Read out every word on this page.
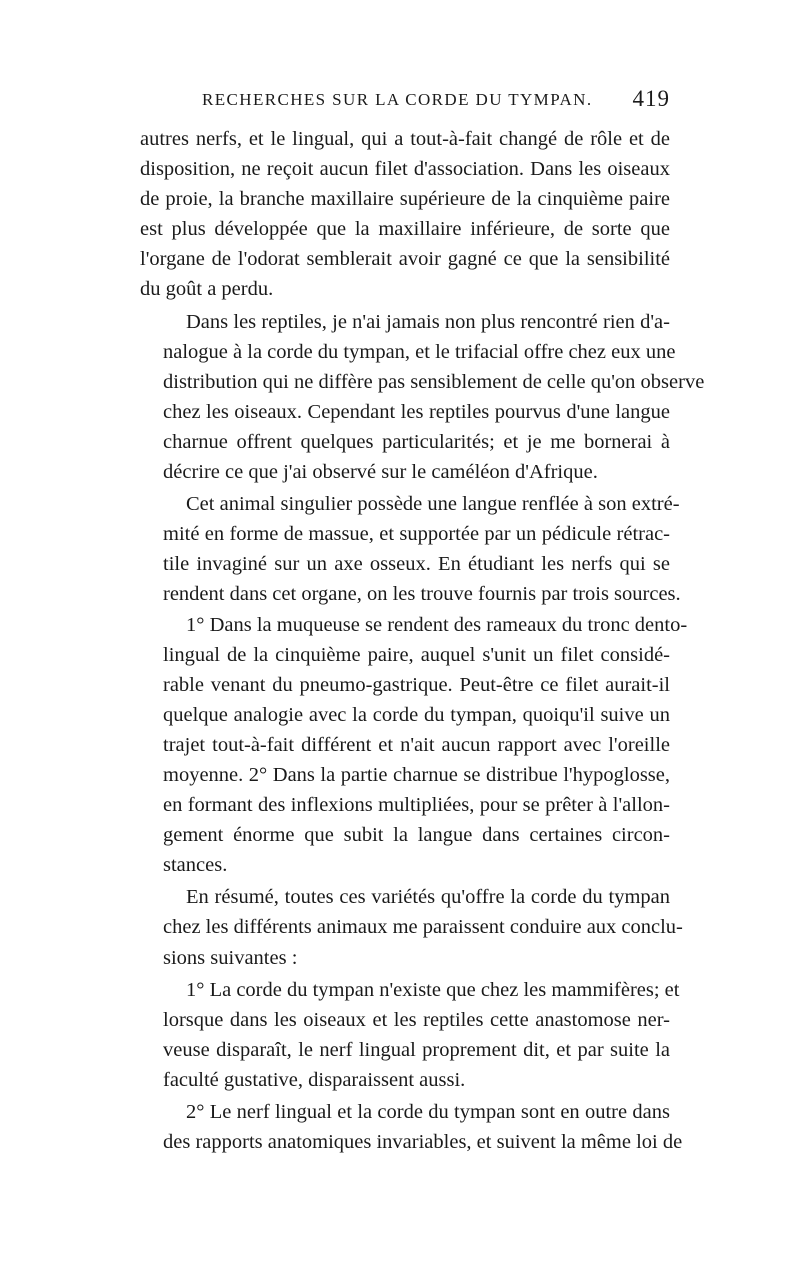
RECHERCHES SUR LA CORDE DU TYMPAN. 419
autres nerfs, et le lingual, qui a tout-à-fait changé de rôle et de
disposition, ne reçoit aucun filet d'association. Dans les oiseaux
de proie, la branche maxillaire supérieure de la cinquième paire
est plus développée que la maxillaire inférieure, de sorte que
l'organe de l'odorat semblerait avoir gagné ce que la sensibilité
du goût a perdu.
Dans les reptiles, je n'ai jamais non plus rencontré rien d'a-
nalogue à la corde du tympan, et le trifacial offre chez eux une
distribution qui ne diffère pas sensiblement de celle qu'on observe
chez les oiseaux. Cependant les reptiles pourvus d'une langue
charnue offrent quelques particularités; et je me bornerai à
décrire ce que j'ai observé sur le caméléon d'Afrique.
Cet animal singulier possède une langue renflée à son extré-
mité en forme de massue, et supportée par un pédicule rétrac-
tile invaginé sur un axe osseux. En étudiant les nerfs qui se
rendent dans cet organe, on les trouve fournis par trois sources.
1° Dans la muqueuse se rendent des rameaux du tronc dento-
lingual de la cinquième paire, auquel s'unit un filet considé-
rable venant du pneumo-gastrique. Peut-être ce filet aurait-il
quelque analogie avec la corde du tympan, quoiqu'il suive un
trajet tout-à-fait différent et n'ait aucun rapport avec l'oreille
moyenne. 2° Dans la partie charnue se distribue l'hypoglosse,
en formant des inflexions multipliées, pour se prêter à l'allon-
gement énorme que subit la langue dans certaines circon-
stances.
En résumé, toutes ces variétés qu'offre la corde du tympan
chez les différents animaux me paraissent conduire aux conclu-
sions suivantes :
1° La corde du tympan n'existe que chez les mammifères; et
lorsque dans les oiseaux et les reptiles cette anastomose ner-
veuse disparaît, le nerf lingual proprement dit, et par suite la
faculté gustative, disparaissent aussi.
2° Le nerf lingual et la corde du tympan sont en outre dans
des rapports anatomiques invariables, et suivent la même loi de
